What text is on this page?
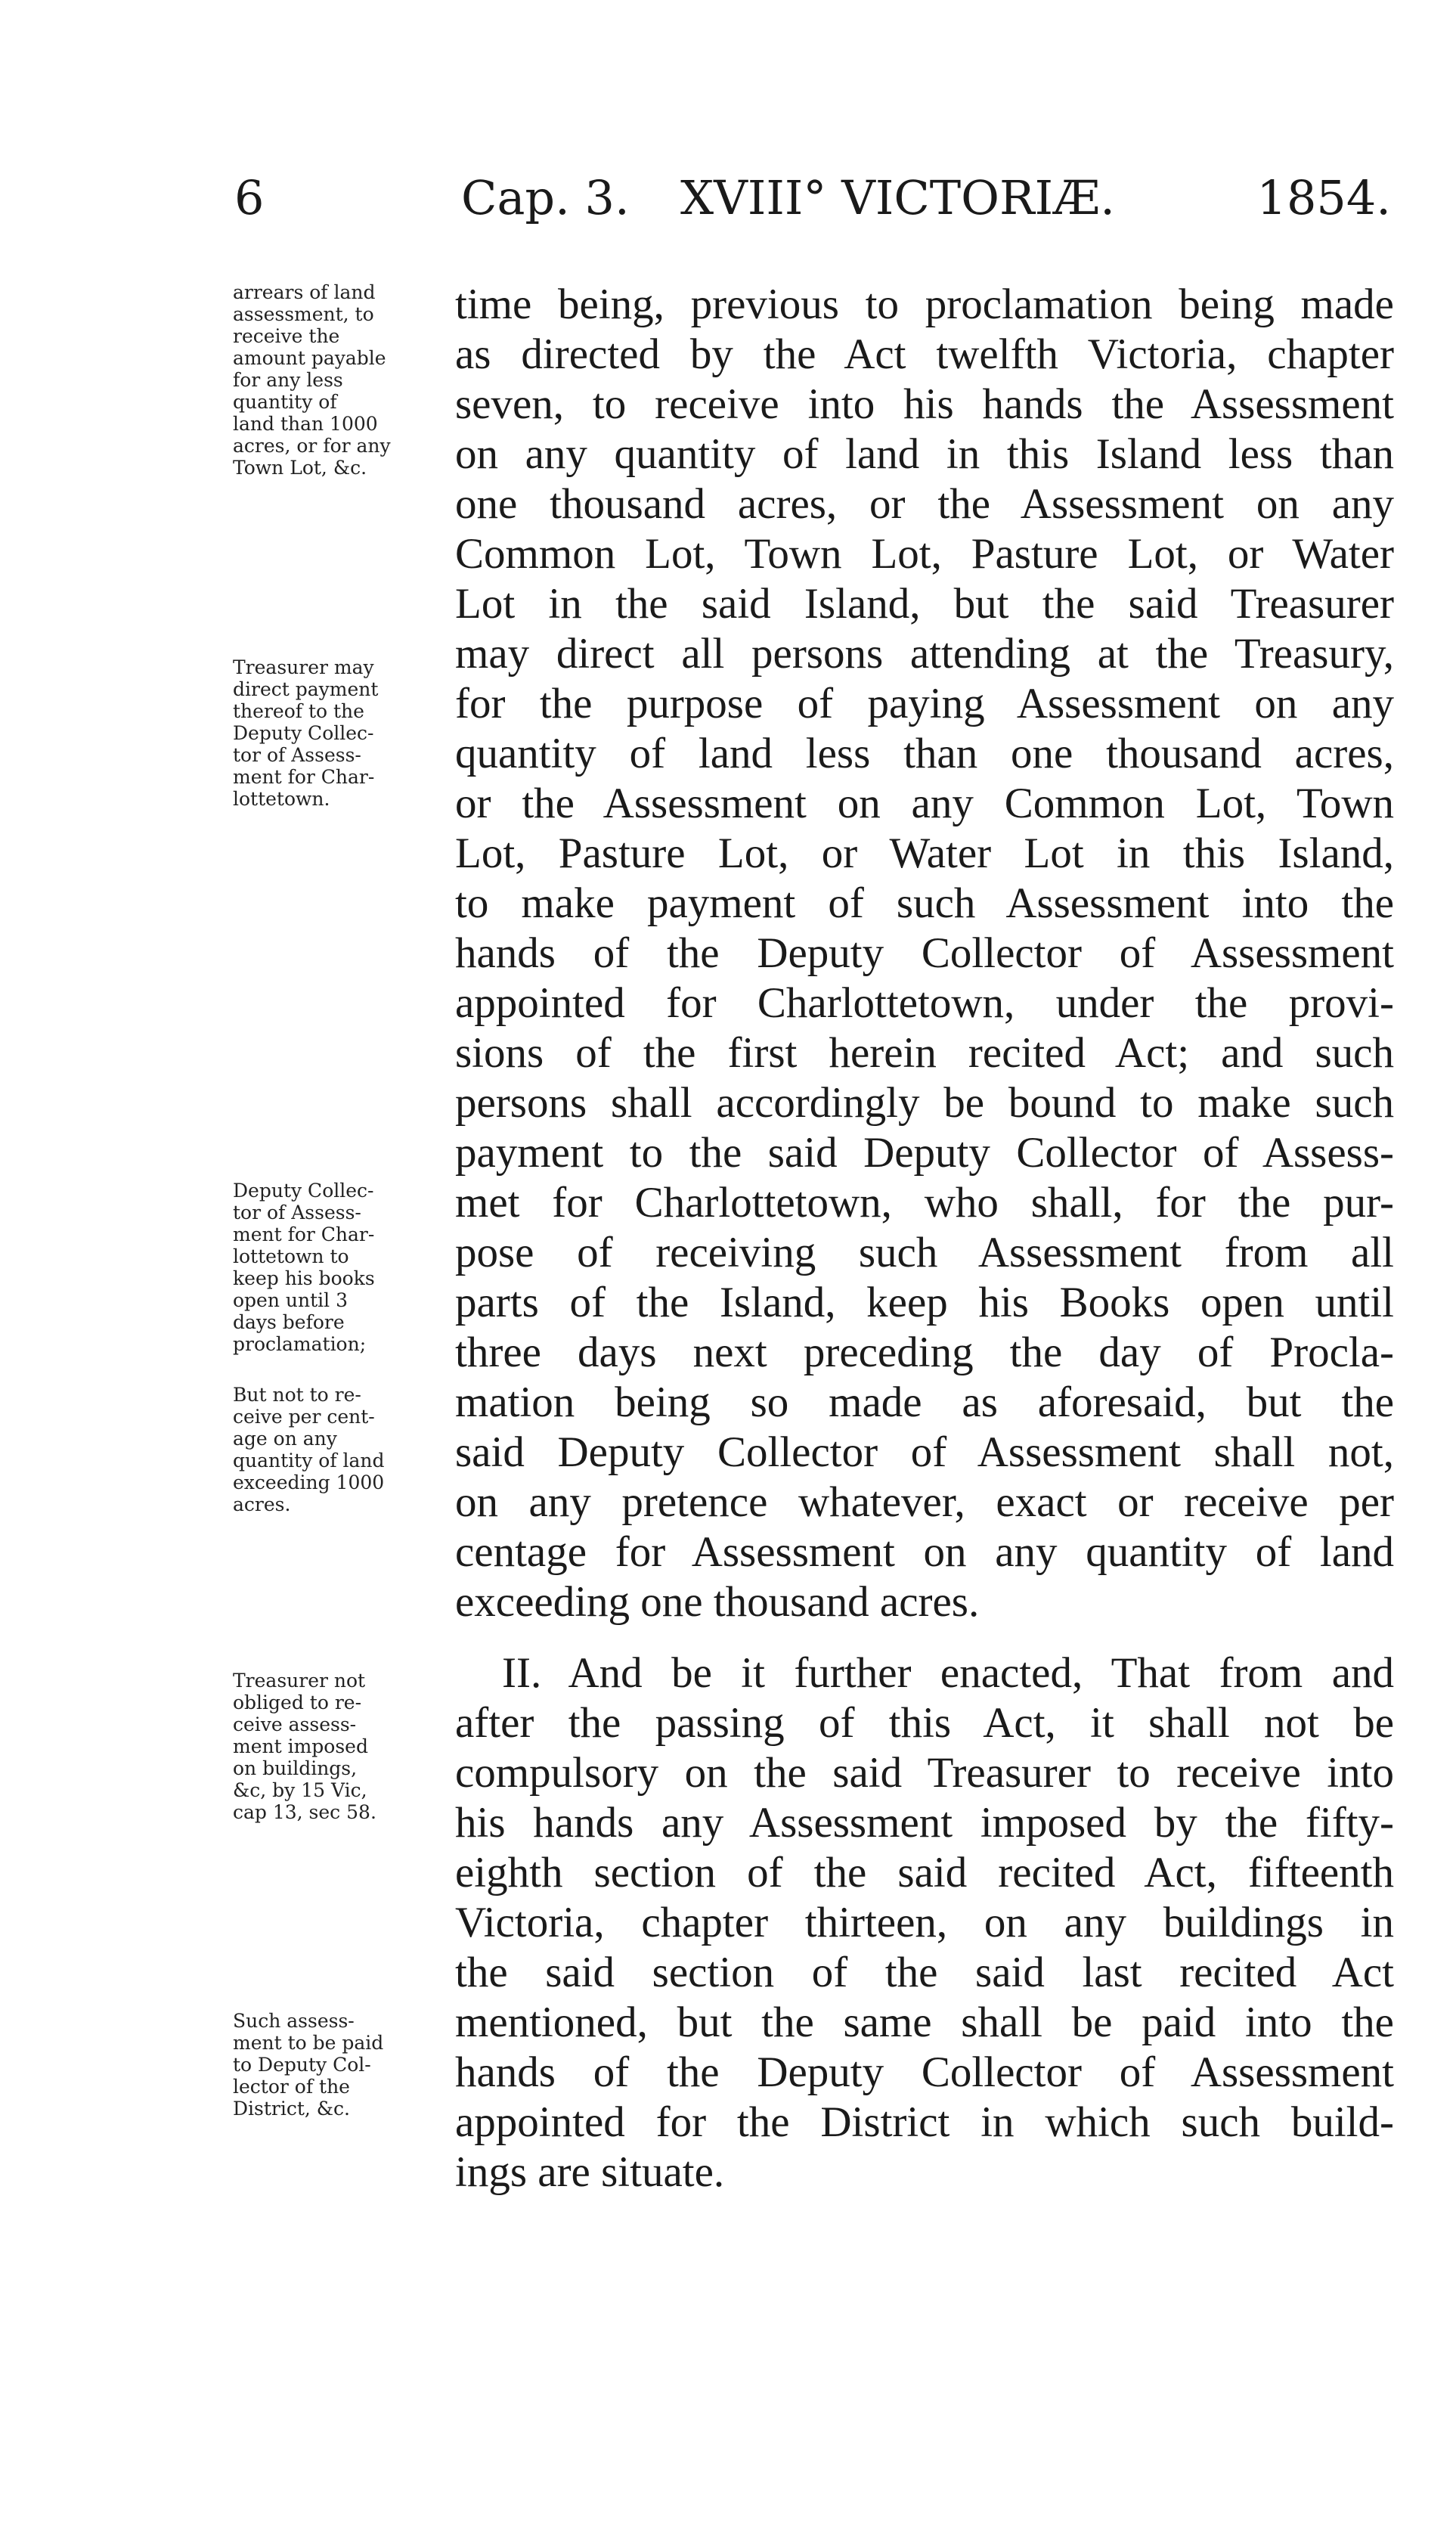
6	Cap. 3. XVIII° VICTORIÆ.	1854.
arrears of land
assessment, to
receive the
amount payable
for any less
quantity of
land than 1000
acres, or for any
Town Lot, &c.
Treasurer may
direct payment
thereof to the
Deputy Collec-
tor of Assess-
ment for Char-
lottetown.
Deputy Collec-
tor of Assess-
ment for Char-
lottetown to
keep his books
open until 3
days before
proclamation;
But not to re-
ceive per cent-
age on any
quantity of land
exceeding 1000
acres.
Treasurer not
obliged to re-
ceive assess-
ment imposed
on buildings,
&c, by 15 Vic,
cap 13, sec 58.
Such assess-
ment to be paid
to Deputy Col-
lector of the
District, &c.
time being, previous to proclamation being made
as directed by the Act twelfth Victoria, chapter
seven, to receive into his hands the Assessment
on any quantity of land in this Island less than
one thousand acres, or the Assessment on any
Common Lot, Town Lot, Pasture Lot, or Water
Lot in the said Island, but the said Treasurer
may direct all persons attending at the Treasury,
for the purpose of paying Assessment on any
quantity of land less than one thousand acres,
or the Assessment on any Common Lot, Town
Lot, Pasture Lot, or Water Lot in this Island,
to make payment of such Assessment into the
hands of the Deputy Collector of Assessment
appointed for Charlottetown, under the provi-
sions of the first herein recited Act; and such
persons shall accordingly be bound to make such
payment to the said Deputy Collector of Assess-
met for Charlottetown, who shall, for the pur-
pose of receiving such Assessment from all
parts of the Island, keep his Books open until
three days next preceding the day of Procla-
mation being so made as aforesaid, but the
said Deputy Collector of Assessment shall not,
on any pretence whatever, exact or receive per
centage for Assessment on any quantity of land
exceeding one thousand acres.
II. And be it further enacted, That from and
after the passing of this Act, it shall not be
compulsory on the said Treasurer to receive into
his hands any Assessment imposed by the fifty-
eighth section of the said recited Act, fifteenth
Victoria, chapter thirteen, on any buildings in
the said section of the said last recited Act
mentioned, but the same shall be paid into the
hands of the Deputy Collector of Assessment
appointed for the District in which such build-
ings are situate.
